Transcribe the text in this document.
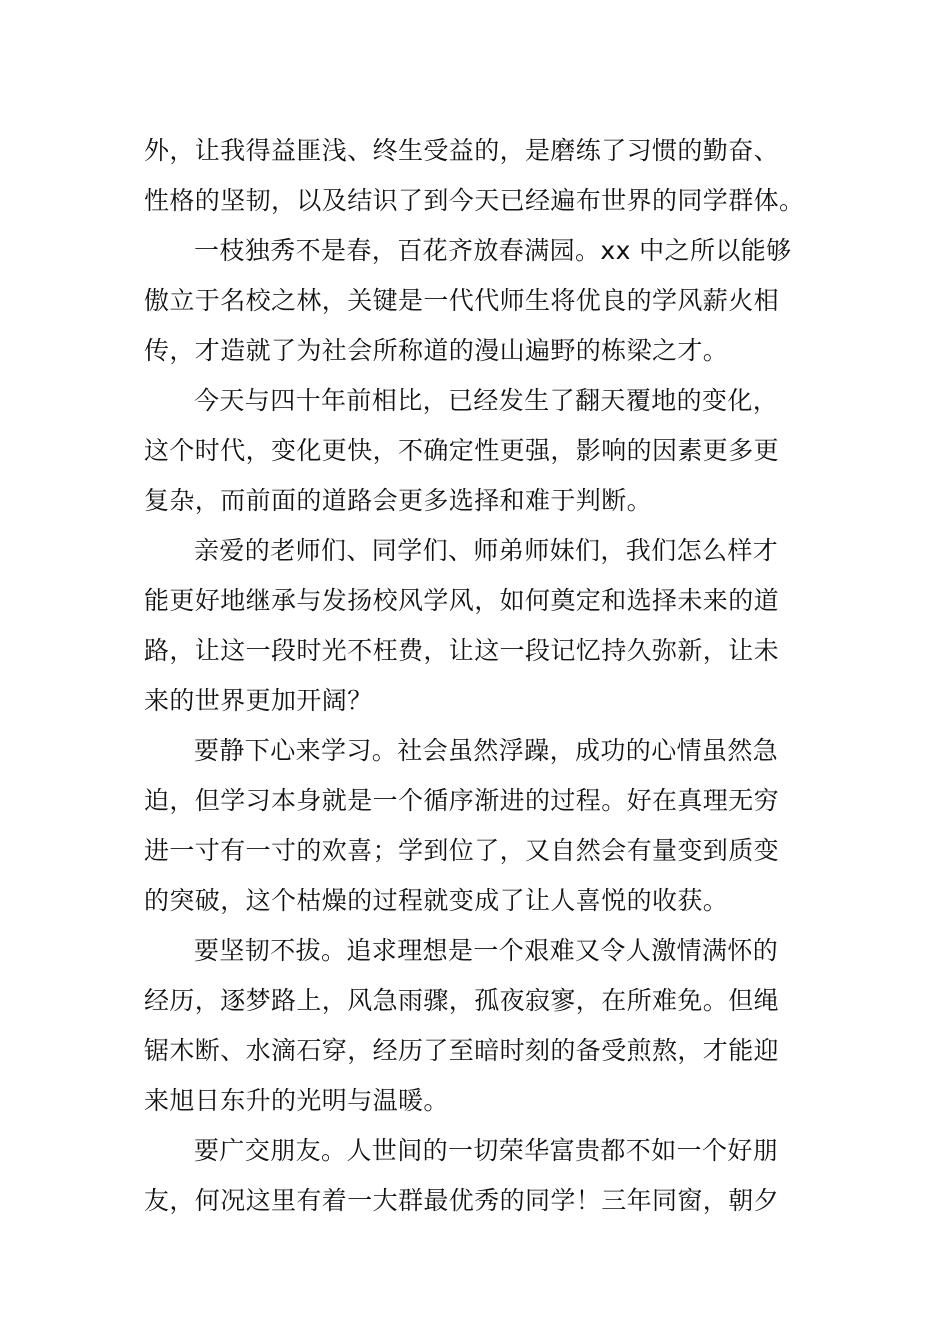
外，让我得益匪浅、终生受益的，是磨练了习惯的勤奋、
性格的坚韧，以及结识了到今天已经遍布世界的同学群体。
一枝独秀不是春，百花齐放春满园。xx 中之所以能够
傲立于名校之林，关键是一代代师生将优良的学风薪火相
传，才造就了为社会所称道的漫山遍野的栋梁之才。
今天与四十年前相比，已经发生了翻天覆地的变化，
这个时代，变化更快，不确定性更强，影响的因素更多更
复杂，而前面的道路会更多选择和难于判断。
亲爱的老师们、同学们、师弟师妹们，我们怎么样才
能更好地继承与发扬校风学风，如何奠定和选择未来的道
路，让这一段时光不枉费，让这一段记忆持久弥新，让未
来的世界更加开阔？
要静下心来学习。社会虽然浮躁，成功的心情虽然急
迫，但学习本身就是一个循序渐进的过程。好在真理无穷
进一寸有一寸的欢喜；学到位了，又自然会有量变到质变
的突破，这个枯燥的过程就变成了让人喜悦的收获。
要坚韧不拔。追求理想是一个艰难又令人激情满怀的
经历，逐梦路上，风急雨骤，孤夜寂寥，在所难免。但绳
锯木断、水滴石穿，经历了至暗时刻的备受煎熬，才能迎
来旭日东升的光明与温暖。
要广交朋友。人世间的一切荣华富贵都不如一个好朋
友，何况这里有着一大群最优秀的同学！三年同窗，朝夕
